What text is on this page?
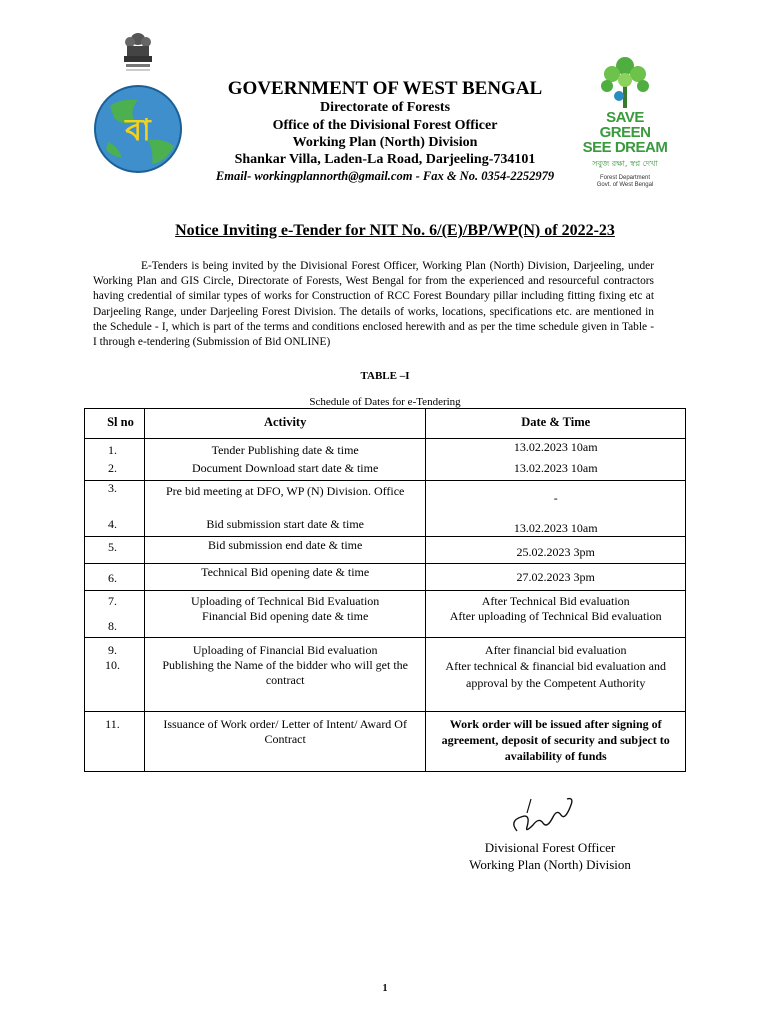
বা	SAVE GREEN
SEE DREAM
সবুজ রক্ষা, স্বপ্ন দেখা
Forest Department
Govt. of West Bengal
GOVERNMENT OF WEST BENGAL
Directorate of Forests
Office of the Divisional Forest Officer
Working Plan (North) Division
Shankar Villa, Laden-La Road, Darjeeling-734101
Email- workingplannorth@gmail.com - Fax & No. 0354-2252979
Notice Inviting e-Tender for NIT No. 6/(E)/BP/WP(N) of 2022-23
E-Tenders is being invited by the Divisional Forest Officer, Working Plan (North) Division, Darjeeling, under Working Plan and GIS Circle, Directorate of Forests, West Bengal for from the experienced and resourceful contractors having credential of similar types of works for Construction of RCC Forest Boundary pillar including fitting fixing etc at Darjeeling Range, under Darjeeling Forest Division. The details of works, locations, specifications etc. are mentioned in the Schedule - I, which is part of the terms and conditions enclosed herewith and as per the time schedule given in Table - I through e-tendering (Submission of Bid ONLINE)
TABLE –I
Schedule of Dates for e-Tendering
Sl no	Activity	Date & Time
1.	Tender Publishing date & time	13.02.2023 10am
2.	Document Download start date & time	13.02.2023 10am
3.	Pre bid meeting at DFO, WP (N) Division. Office	-
4.	Bid submission start date & time	13.02.2023 10am
5.	Bid submission end date & time	25.02.2023 3pm
6.	Technical Bid opening date & time	27.02.2023 3pm
7.	Uploading of Technical Bid Evaluation	After Technical Bid evaluation
8.	Financial Bid opening date & time	After uploading of Technical Bid evaluation
9.	Uploading of Financial Bid evaluation	After financial bid evaluation
10.	Publishing the Name of the bidder who will get the contract	After technical & financial bid evaluation and approval by the Competent Authority
11.	Issuance of Work order/ Letter of Intent/ Award Of Contract	Work order will be issued after signing of agreement, deposit of security and subject to availability of funds
Divisional Forest Officer
Working Plan (North) Division
1
